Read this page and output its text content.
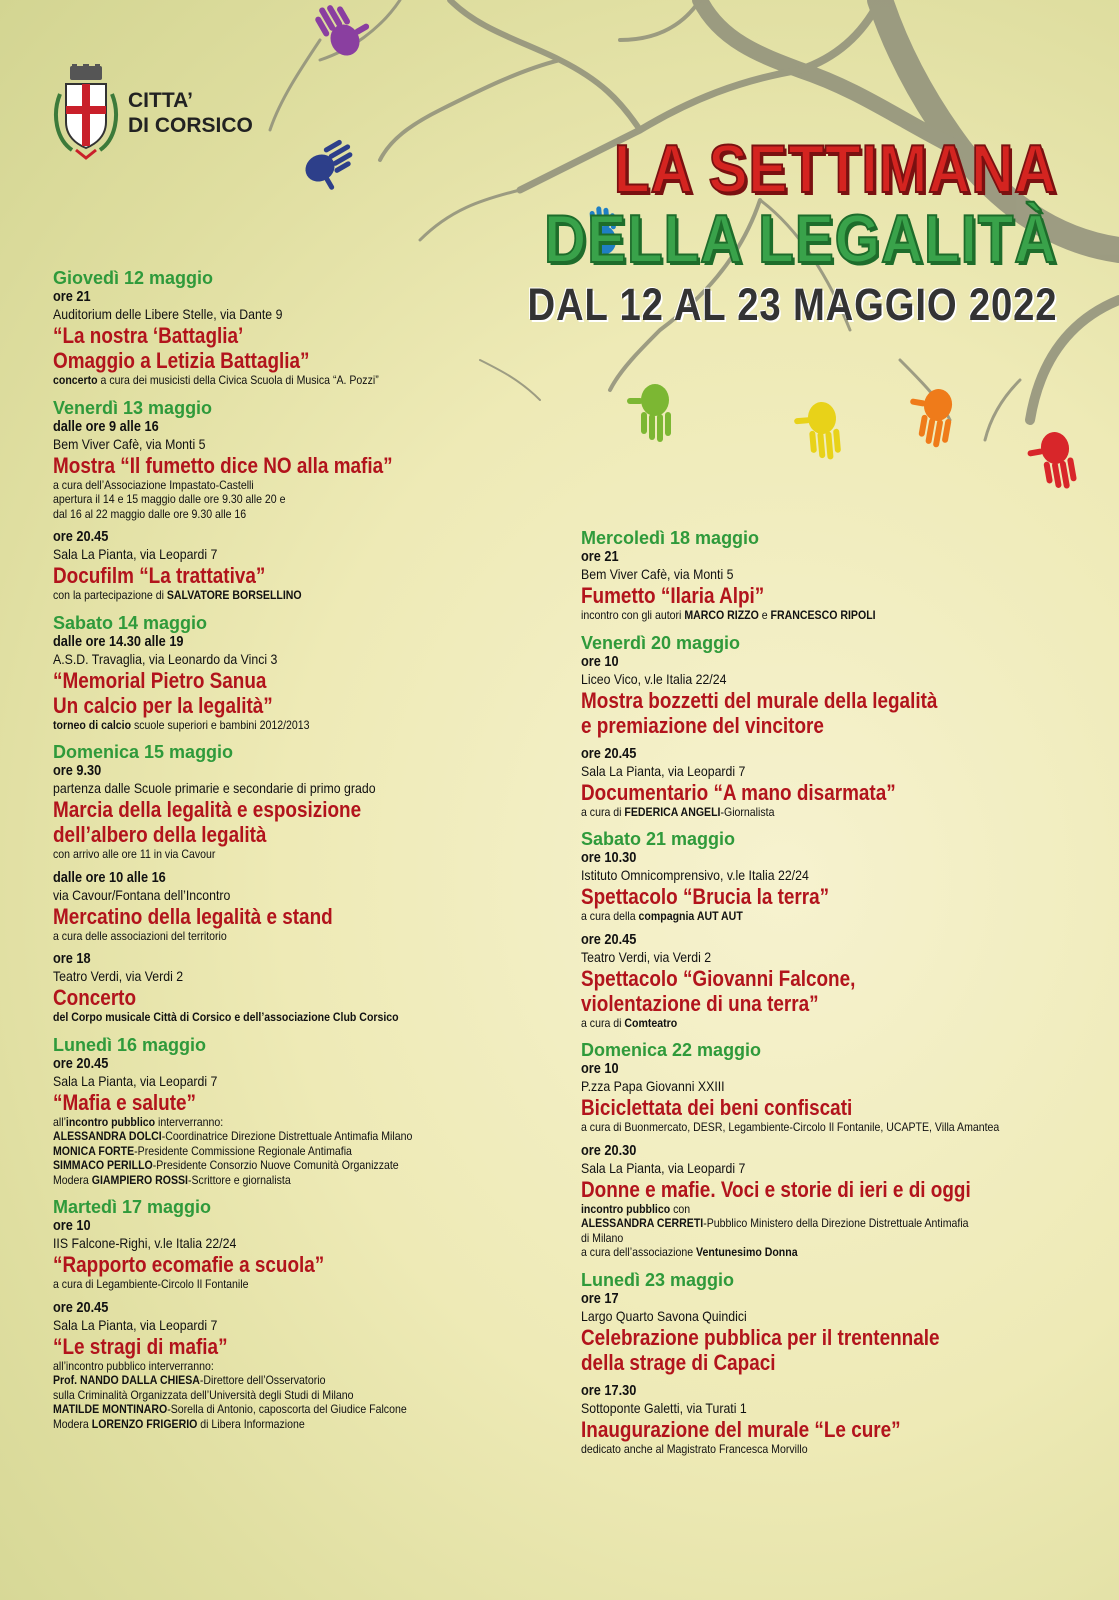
CITTA’
DI CORSICO
LA SETTIMANA
DELLA LEGALITÀ
DAL 12 AL 23 MAGGIO 2022
Giovedì 12 maggio
ore 21
Auditorium delle Libere Stelle, via Dante 9
“La nostra ‘Battaglia’
Omaggio a Letizia Battaglia”
concerto a cura dei musicisti della Civica Scuola di Musica “A. Pozzi”
Venerdì 13 maggio
dalle ore 9 alle 16
Bem Viver Cafè, via Monti 5
Mostra “Il fumetto dice NO alla mafia”
a cura dell’Associazione Impastato-Castelli
apertura il 14 e 15 maggio dalle ore 9.30 alle 20 e
dal 16 al 22 maggio dalle ore 9.30 alle 16
ore 20.45
Sala La Pianta, via Leopardi 7
Docufilm “La trattativa”
con la partecipazione di SALVATORE BORSELLINO
Sabato 14 maggio
dalle ore 14.30 alle 19
A.S.D. Travaglia, via Leonardo da Vinci 3
“Memorial Pietro Sanua
Un calcio per la legalità”
torneo di calcio scuole superiori e bambini 2012/2013
Domenica 15 maggio
ore 9.30
partenza dalle Scuole primarie e secondarie di primo grado
Marcia della legalità e esposizione
dell’albero della legalità
con arrivo alle ore 11 in via Cavour
dalle ore 10 alle 16
via Cavour/Fontana dell’Incontro
Mercatino della legalità e stand
a cura delle associazioni del territorio
ore 18
Teatro Verdi, via Verdi 2
Concerto
del Corpo musicale Città di Corsico e dell’associazione Club Corsico
Lunedì 16 maggio
ore 20.45
Sala La Pianta, via Leopardi 7
“Mafia e salute”
all’incontro pubblico interverranno:
ALESSANDRA DOLCI-Coordinatrice Direzione Distrettuale Antimafia Milano
MONICA FORTE-Presidente Commissione Regionale Antimafia
SIMMACO PERILLO-Presidente Consorzio Nuove Comunità Organizzate
Modera GIAMPIERO ROSSI-Scrittore e giornalista
Martedì 17 maggio
ore 10
IIS Falcone-Righi, v.le Italia 22/24
“Rapporto ecomafie a scuola”
a cura di Legambiente-Circolo Il Fontanile
ore 20.45
Sala La Pianta, via Leopardi 7
“Le stragi di mafia”
all’incontro pubblico interverranno:
Prof. NANDO DALLA CHIESA-Direttore dell’Osservatorio
sulla Criminalità Organizzata dell’Università degli Studi di Milano
MATILDE MONTINARO-Sorella di Antonio, caposcorta del Giudice Falcone
Modera LORENZO FRIGERIO di Libera Informazione
Mercoledì 18 maggio
ore 21
Bem Viver Cafè, via Monti 5
Fumetto “Ilaria Alpi”
incontro con gli autori MARCO RIZZO e FRANCESCO RIPOLI
Venerdì 20 maggio
ore 10
Liceo Vico, v.le Italia 22/24
Mostra bozzetti del murale della legalità
e premiazione del vincitore
ore 20.45
Sala La Pianta, via Leopardi 7
Documentario “A mano disarmata”
a cura di FEDERICA ANGELI-Giornalista
Sabato 21 maggio
ore 10.30
Istituto Omnicomprensivo, v.le Italia 22/24
Spettacolo “Brucia la terra”
a cura della compagnia AUT AUT
ore 20.45
Teatro Verdi, via Verdi 2
Spettacolo “Giovanni Falcone,
violentazione di una terra”
a cura di Comteatro
Domenica 22 maggio
ore 10
P.zza Papa Giovanni XXIII
Biciclettata dei beni confiscati
a cura di Buonmercato, DESR, Legambiente-Circolo Il Fontanile, UCAPTE, Villa Amantea
ore 20.30
Sala La Pianta, via Leopardi 7
Donne e mafie. Voci e storie di ieri e di oggi
incontro pubblico con
ALESSANDRA CERRETI-Pubblico Ministero della Direzione Distrettuale Antimafia
di Milano
a cura dell’associazione Ventunesimo Donna
Lunedì 23 maggio
ore 17
Largo Quarto Savona Quindici
Celebrazione pubblica per il trentennale
della strage di Capaci
ore 17.30
Sottoponte Galetti, via Turati 1
Inaugurazione del murale “Le cure”
dedicato anche al Magistrato Francesca Morvillo
